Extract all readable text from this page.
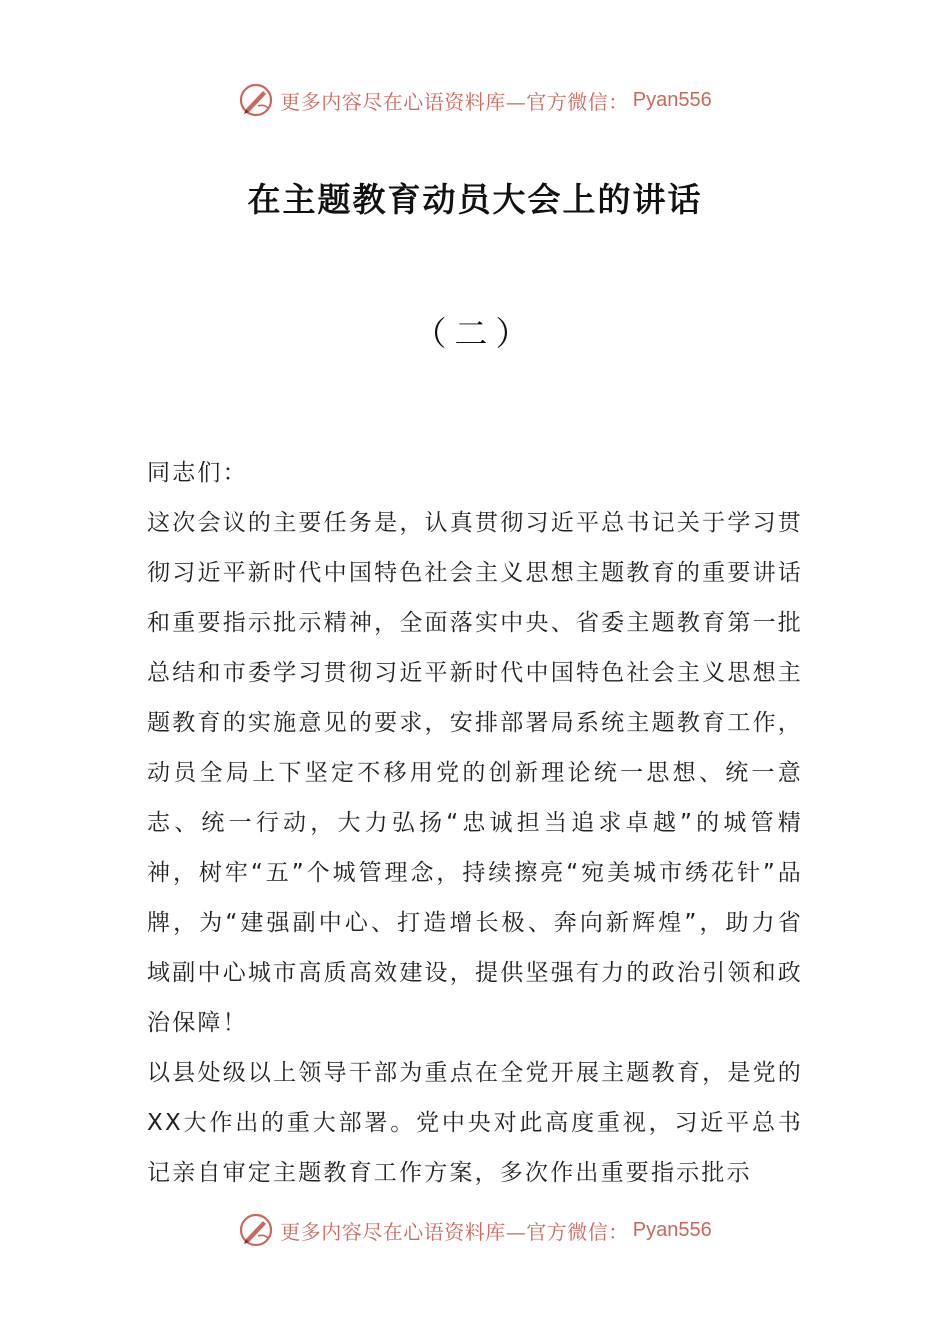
更多内容尽在心语资料库—官方微信： Pyan556
在主题教育动员大会上的讲话
（二）

同志们：

这次会议的主要任务是，认真贯彻习近平总书记关于学习贯彻习近平新时代中国特色社会主义思想主题教育的重要讲话和重要指示批示精神，全面落实中央、省委主题教育第一批总结和市委学习贯彻习近平新时代中国特色社会主义思想主题教育的实施意见的要求，安排部署局系统主题教育工作，动员全局上下坚定不移用党的创新理论统一思想、统一意志、统一行动，大力弘扬“忠诚担当追求卓越”的城管精神，树牢“五”个城管理念，持续擦亮“宛美城市绣花针”品牌，为“建强副中心、打造增长极、奔向新辉煌”，助力省域副中心城市高质高效建设，提供坚强有力的政治引领和政治保障！

以县处级以上领导干部为重点在全党开展主题教育，是党的XX大作出的重大部署。党中央对此高度重视，习近平总书记亲自审定主题教育工作方案，多次作出重要指示批示

更多内容尽在心语资料库—官方微信： Pyan556
